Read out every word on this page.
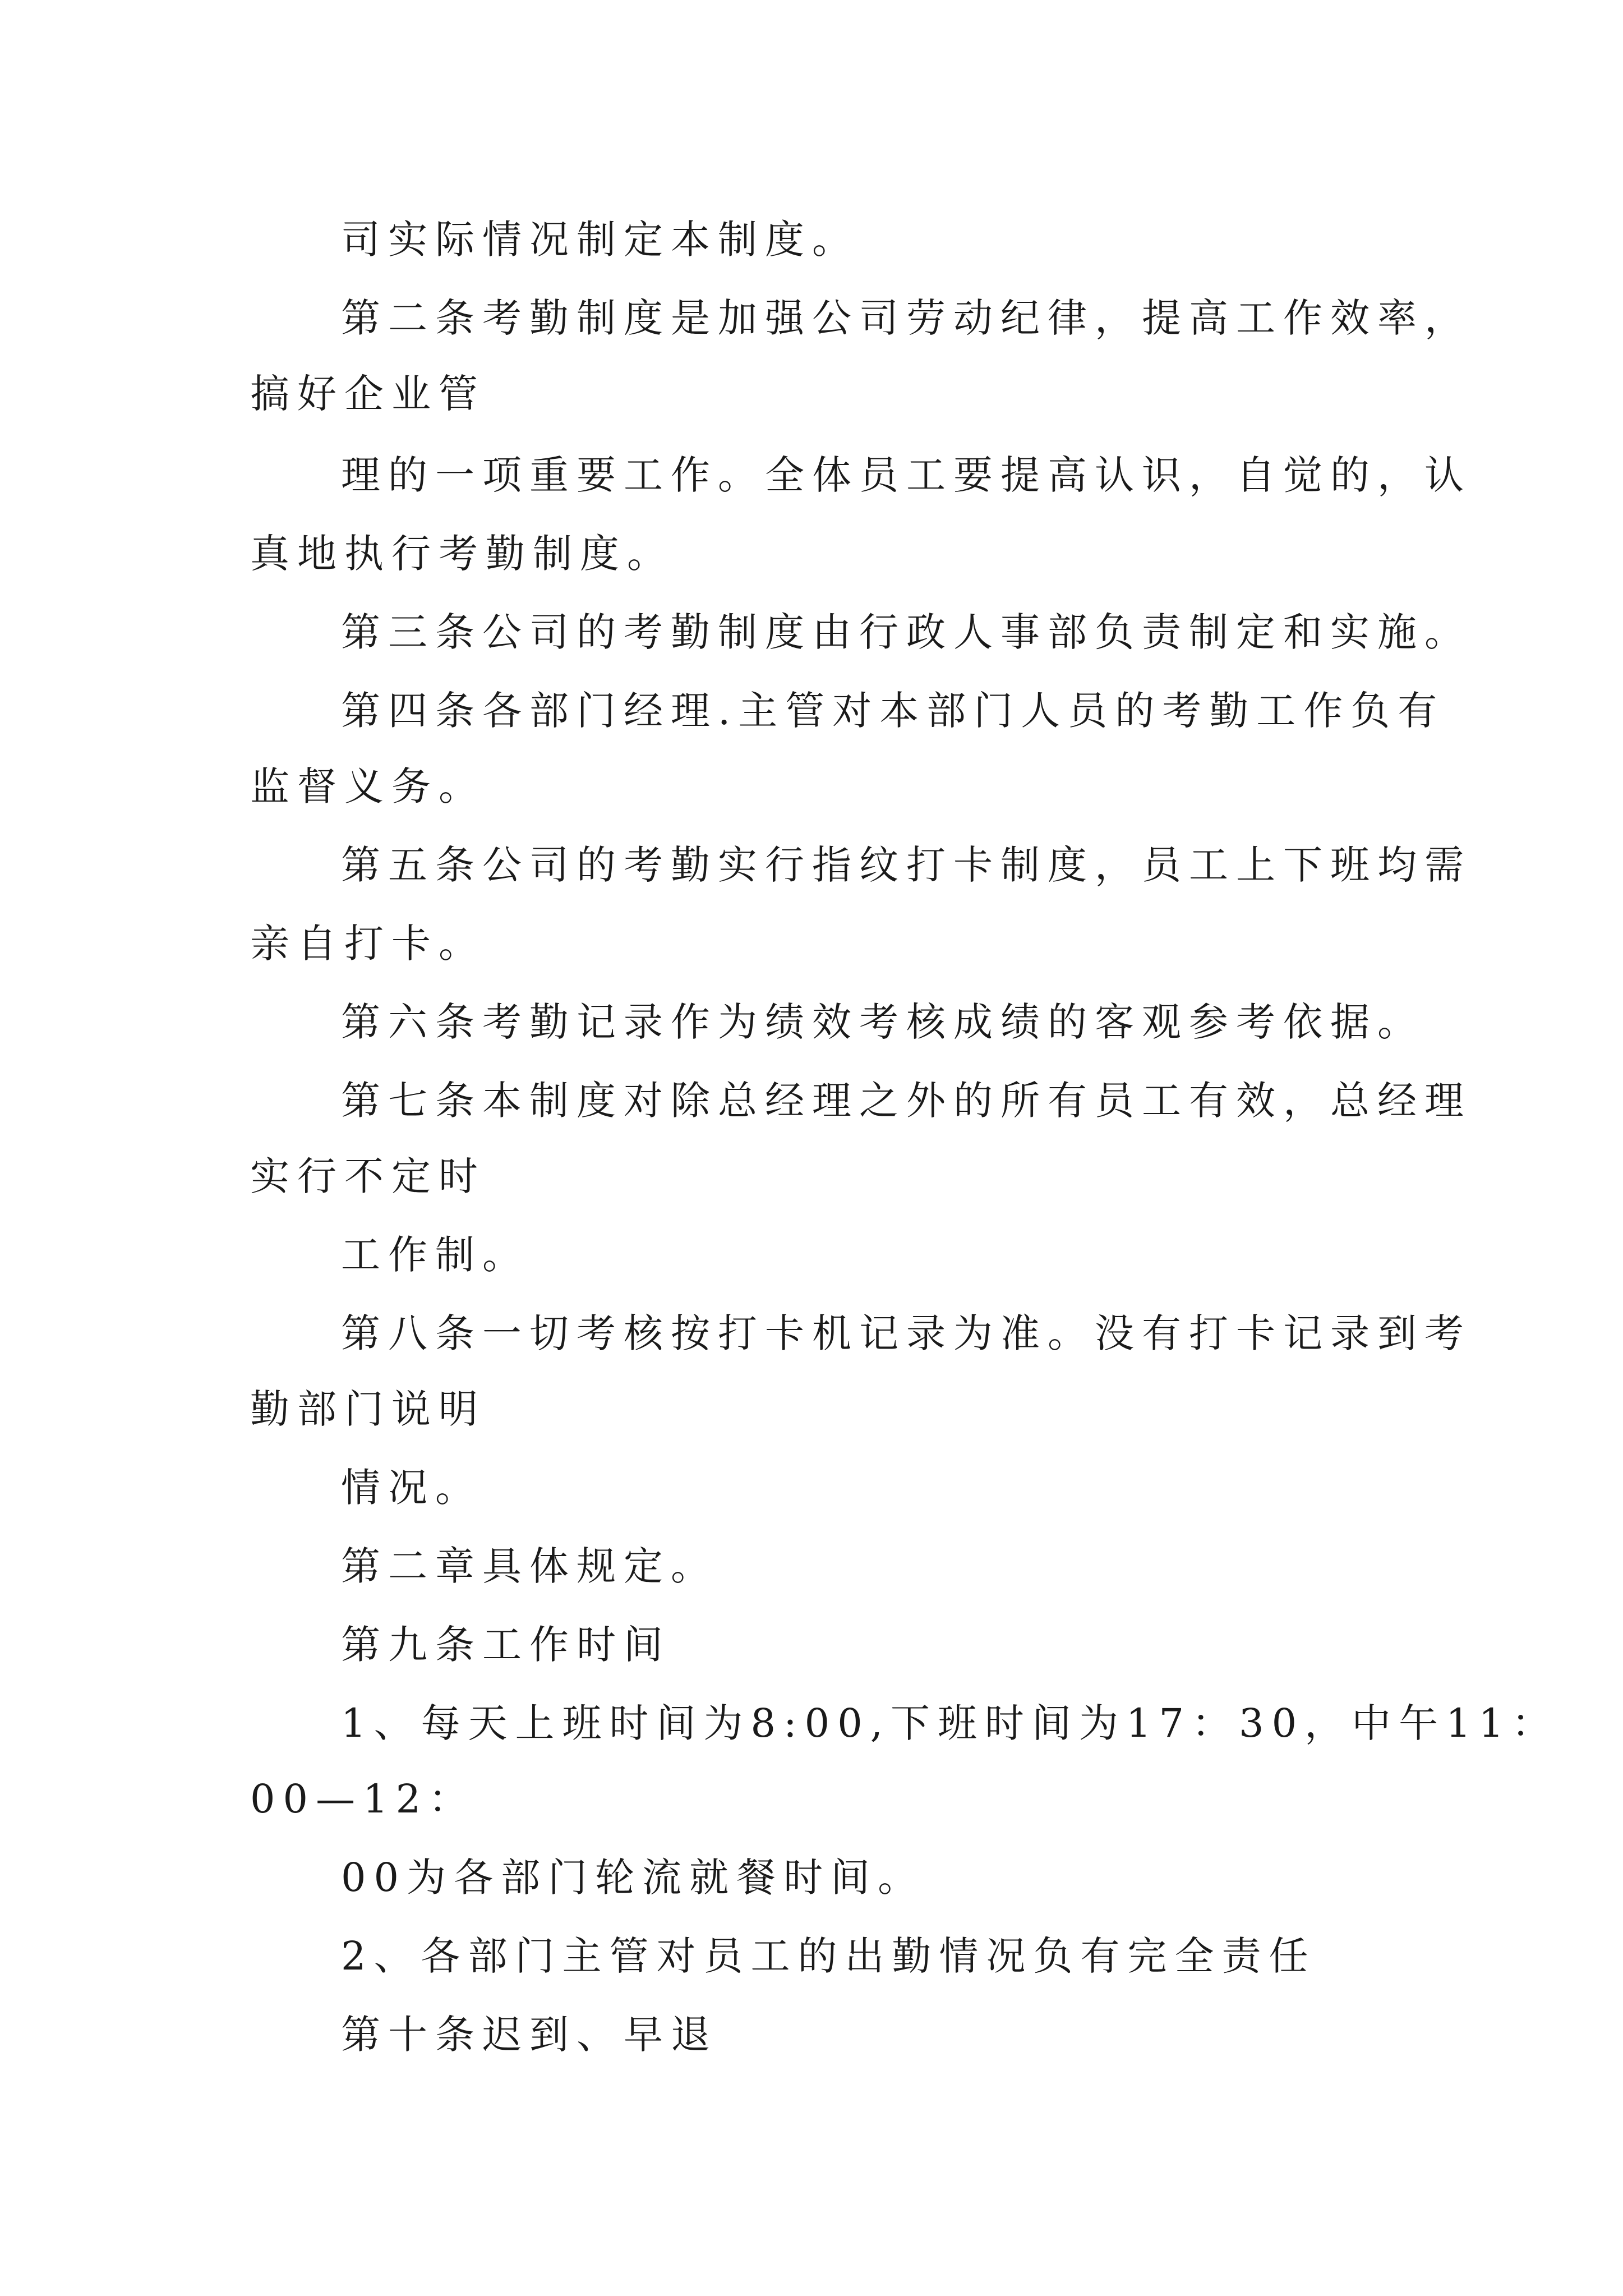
司实际情况制定本制度。
第二条考勤制度是加强公司劳动纪律，提高工作效率，
搞好企业管
理的一项重要工作。全体员工要提高认识，自觉的，认
真地执行考勤制度。
第三条公司的考勤制度由行政人事部负责制定和实施。
第四条各部门经理.主管对本部门人员的考勤工作负有
监督义务。
第五条公司的考勤实行指纹打卡制度，员工上下班均需
亲自打卡。
第六条考勤记录作为绩效考核成绩的客观参考依据。
第七条本制度对除总经理之外的所有员工有效，总经理
实行不定时
工作制。
第八条一切考核按打卡机记录为准。没有打卡记录到考
勤部门说明
情况。
第二章具体规定。
第九条工作时间
1、每天上班时间为8:00,下班时间为17：30，中午11：
00—12：
00为各部门轮流就餐时间。
2、各部门主管对员工的出勤情况负有完全责任
第十条迟到、早退
